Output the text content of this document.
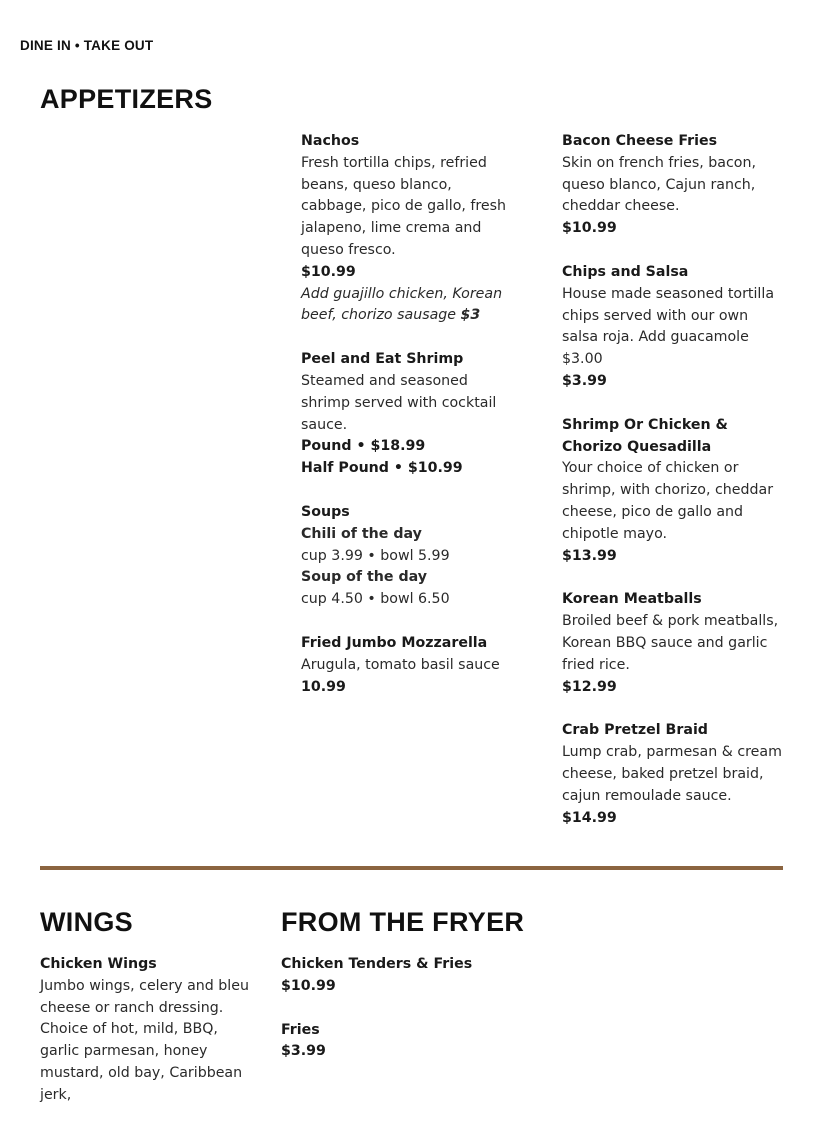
DINE IN • TAKE OUT
APPETIZERS
Nachos
Fresh tortilla chips, refried beans, queso blanco, cabbage, pico de gallo, fresh jalapeno, lime crema and queso fresco.
$10.99
Add guajillo chicken, Korean beef, chorizo sausage $3
Peel and Eat Shrimp
Steamed and seasoned shrimp served with cocktail sauce.
Pound • $18.99
Half Pound • $10.99
Soups
Chili of the day
cup 3.99 • bowl 5.99
Soup of the day
cup 4.50 • bowl 6.50
Fried Jumbo Mozzarella
Arugula, tomato basil sauce
10.99
Bacon Cheese Fries
Skin on french fries, bacon, queso blanco, Cajun ranch, cheddar cheese.
$10.99
Chips and Salsa
House made seasoned tortilla chips served with our own salsa roja. Add guacamole $3.00
$3.99
Shrimp Or Chicken & Chorizo Quesadilla
Your choice of chicken or shrimp, with chorizo, cheddar cheese, pico de gallo and chipotle mayo.
$13.99
Korean Meatballs
Broiled beef & pork meatballs, Korean BBQ sauce and garlic fried rice.
$12.99
Crab Pretzel Braid
Lump crab, parmesan & cream cheese, baked pretzel braid, cajun remoulade sauce.
$14.99
WINGS
Chicken Wings
Jumbo wings, celery and bleu cheese or ranch dressing. Choice of hot, mild, BBQ, garlic parmesan, honey mustard, old bay, Caribbean jerk,
FROM THE FRYER
Chicken Tenders & Fries
$10.99
Fries
$3.99
